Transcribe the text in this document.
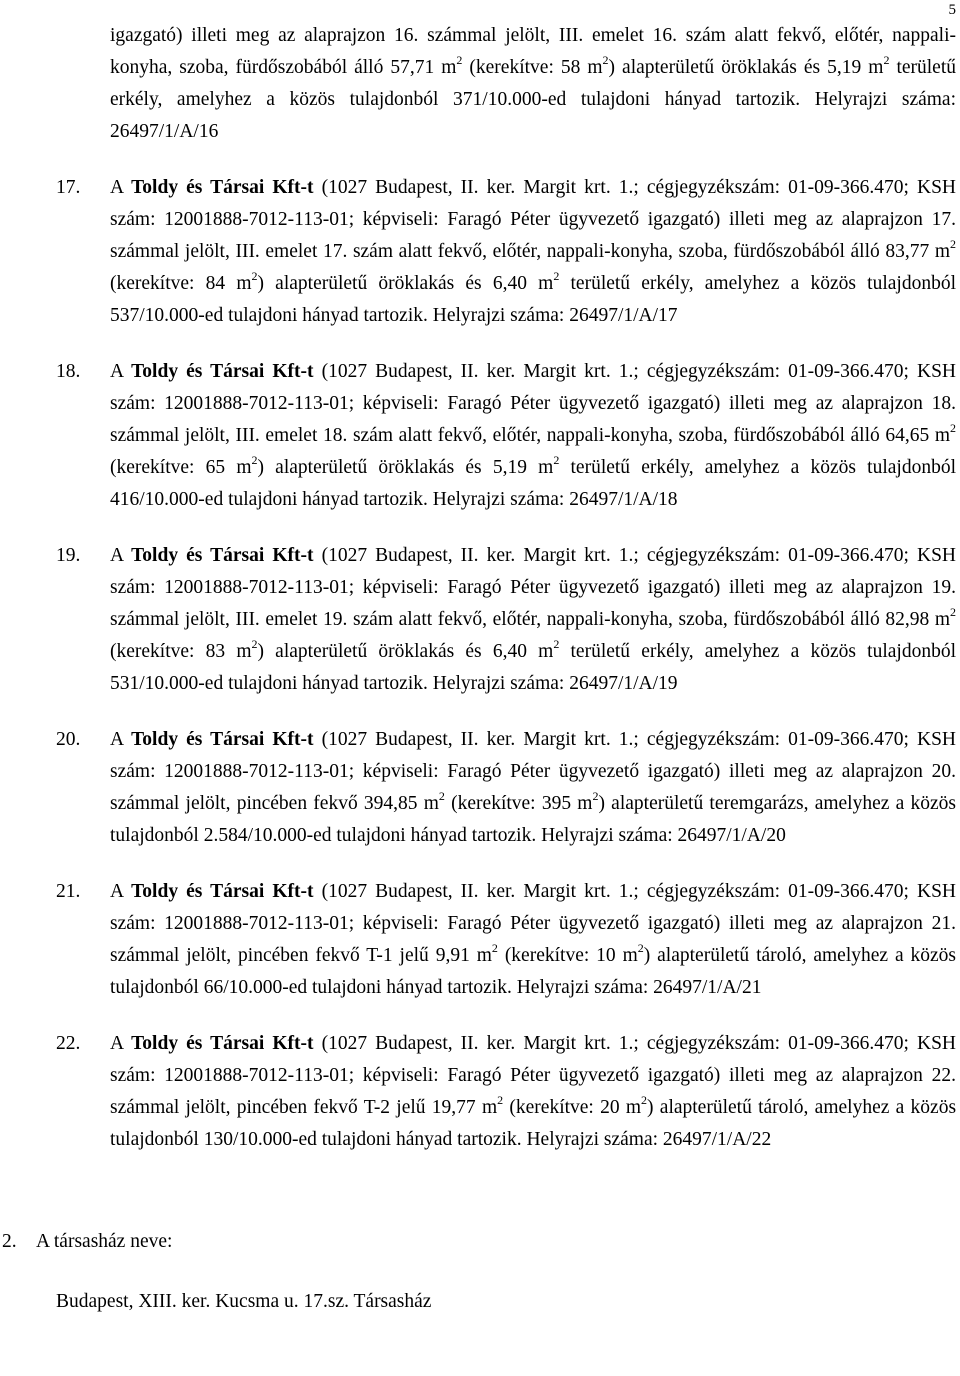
5

igazgató) illeti meg az alaprajzon 16. számmal jelölt, III. emelet 16. szám alatt fekvő, előtér, nappali-konyha, szoba, fürdőszobából álló 57,71 $m^2$ (kerekítve: 58 $m^2$) alapterületű öröklakás és 5,19 $m^2$ területű erkély, amelyhez a közös tulajdonból 371/10.000-ed tulajdoni hányad tartozik. Helyrajzi száma: 26497/1/A/16

17. A Toldy és Társai Kft-t (1027 Budapest, II. ker. Margit krt. 1.; cégjegyzékszám: 01-09-366.470; KSH szám: 12001888-7012-113-01; képviseli: Faragó Péter ügyvezető igazgató) illeti meg az alaprajzon 17. számmal jelölt, III. emelet 17. szám alatt fekvő, előtér, nappali-konyha, szoba, fürdőszobából álló 83,77 $m^2$ (kerekítve: 84 $m^2$) alapterületű öröklakás és 6,40 $m^2$ területű erkély, amelyhez a közös tulajdonból 537/10.000-ed tulajdoni hányad tartozik. Helyrajzi száma: 26497/1/A/17
18. A Toldy és Társai Kft-t (1027 Budapest, II. ker. Margit krt. 1.; cégjegyzékszám: 01-09-366.470; KSH szám: 12001888-7012-113-01; képviseli: Faragó Péter ügyvezető igazgató) illeti meg az alaprajzon 18. számmal jelölt, III. emelet 18. szám alatt fekvő, előtér, nappali-konyha, szoba, fürdőszobából álló 64,65 $m^2$ (kerekítve: 65 $m^2$) alapterületű öröklakás és 5,19 $m^2$ területű erkély, amelyhez a közös tulajdonból 416/10.000-ed tulajdoni hányad tartozik. Helyrajzi száma: 26497/1/A/18
19. A Toldy és Társai Kft-t (1027 Budapest, II. ker. Margit krt. 1.; cégjegyzékszám: 01-09-366.470; KSH szám: 12001888-7012-113-01; képviseli: Faragó Péter ügyvezető igazgató) illeti meg az alaprajzon 19. számmal jelölt, III. emelet 19. szám alatt fekvő, előtér, nappali-konyha, szoba, fürdőszobából álló 82,98 $m^2$ (kerekítve: 83 $m^2$) alapterületű öröklakás és 6,40 $m^2$ területű erkély, amelyhez a közös tulajdonból 531/10.000-ed tulajdoni hányad tartozik. Helyrajzi száma: 26497/1/A/19
20. A Toldy és Társai Kft-t (1027 Budapest, II. ker. Margit krt. 1.; cégjegyzékszám: 01-09-366.470; KSH szám: 12001888-7012-113-01; képviseli: Faragó Péter ügyvezető igazgató) illeti meg az alaprajzon 20. számmal jelölt, pincében fekvő 394,85 $m^2$ (kerekítve: 395 $m^2$) alapterületű teremgarázs, amelyhez a közös tulajdonból 2.584/10.000-ed tulajdoni hányad tartozik. Helyrajzi száma: 26497/1/A/20
21. A Toldy és Társai Kft-t (1027 Budapest, II. ker. Margit krt. 1.; cégjegyzékszám: 01-09-366.470; KSH szám: 12001888-7012-113-01; képviseli: Faragó Péter ügyvezető igazgató) illeti meg az alaprajzon 21. számmal jelölt, pincében fekvő T-1 jelű 9,91 $m^2$ (kerekítve: 10 $m^2$) alapterületű tároló, amelyhez a közös tulajdonból 66/10.000-ed tulajdoni hányad tartozik. Helyrajzi száma: 26497/1/A/21
22. A Toldy és Társai Kft-t (1027 Budapest, II. ker. Margit krt. 1.; cégjegyzékszám: 01-09-366.470; KSH szám: 12001888-7012-113-01; képviseli: Faragó Péter ügyvezető igazgató) illeti meg az alaprajzon 22. számmal jelölt, pincében fekvő T-2 jelű 19,77 $m^2$ (kerekítve: 20 $m^2$) alapterületű tároló, amelyhez a közös tulajdonból 130/10.000-ed tulajdoni hányad tartozik. Helyrajzi száma: 26497/1/A/22
2. A társasház neve:
Budapest, XIII. ker. Kucsma u. 17.sz. Társasház
